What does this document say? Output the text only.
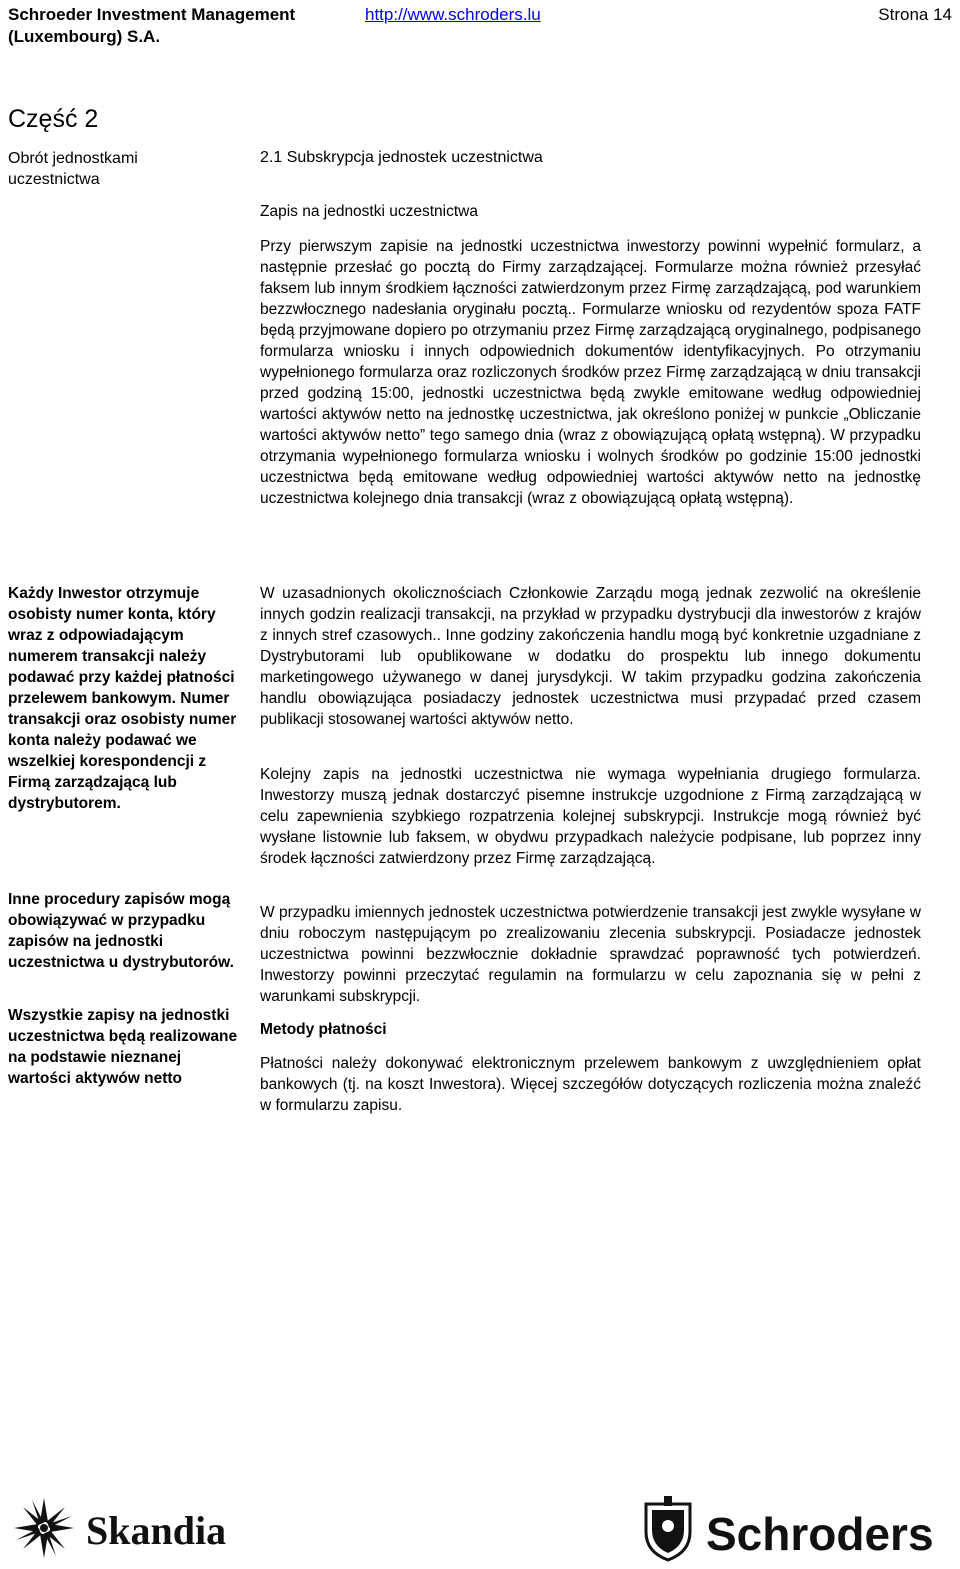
Schroeder Investment Management (Luxembourg) S.A.
http://www.schroders.lu	Strona 14
Część 2
Obrót jednostkami uczestnictwa

Każdy Inwestor otrzymuje osobisty numer konta, który wraz z odpowiadającym numerem transakcji należy podawać przy każdej płatności przelewem bankowym. Numer transakcji oraz osobisty numer konta należy podawać we wszelkiej korespondencji z Firmą zarządzającą lub dystrybutorem.

Inne procedury zapisów mogą obowiązywać w przypadku zapisów na jednostki uczestnictwa u dystrybutorów.

Wszystkie zapisy na jednostki uczestnictwa będą realizowane na podstawie nieznanej wartości aktywów netto

2.1 Subskrypcja jednostek uczestnictwa

Zapis na jednostki uczestnictwa

Przy pierwszym zapisie na jednostki uczestnictwa inwestorzy powinni wypełnić formularz, a następnie przesłać go pocztą do Firmy zarządzającej. Formularze można również przesyłać faksem lub innym środkiem łączności zatwierdzonym przez Firmę zarządzającą, pod warunkiem bezzwłocznego nadesłania oryginału pocztą.. Formularze wniosku od rezydentów spoza FATF będą przyjmowane dopiero po otrzymaniu przez Firmę zarządzającą oryginalnego, podpisanego formularza wniosku i innych odpowiednich dokumentów identyfikacyjnych. Po otrzymaniu wypełnionego formularza oraz rozliczonych środków przez Firmę zarządzającą w dniu transakcji przed godziną 15:00, jednostki uczestnictwa będą zwykle emitowane według odpowiedniej wartości aktywów netto na jednostkę uczestnictwa, jak określono poniżej w punkcie „Obliczanie wartości aktywów netto” tego samego dnia (wraz z obowiązującą opłatą wstępną). W przypadku otrzymania wypełnionego formularza wniosku i wolnych środków po godzinie 15:00 jednostki uczestnictwa będą emitowane według odpowiedniej wartości aktywów netto na jednostkę uczestnictwa kolejnego dnia transakcji (wraz z obowiązującą opłatą wstępną).

W uzasadnionych okolicznościach Członkowie Zarządu mogą jednak zezwolić na określenie innych godzin realizacji transakcji, na przykład w przypadku dystrybucji dla inwestorów z krajów z innych stref czasowych.. Inne godziny zakończenia handlu mogą być konkretnie uzgadniane z Dystrybutorami lub opublikowane w dodatku do prospektu lub innego dokumentu marketingowego używanego w danej jurysdykcji. W takim przypadku godzina zakończenia handlu obowiązująca posiadaczy jednostek uczestnictwa musi przypadać przed czasem publikacji stosowanej wartości aktywów netto.

Kolejny zapis na jednostki uczestnictwa nie wymaga wypełniania drugiego formularza. Inwestorzy muszą jednak dostarczyć pisemne instrukcje uzgodnione z Firmą zarządzającą w celu zapewnienia szybkiego rozpatrzenia kolejnej subskrypcji. Instrukcje mogą również być wysłane listownie lub faksem, w obydwu przypadkach należycie podpisane, lub poprzez inny środek łączności zatwierdzony przez Firmę zarządzającą.

W przypadku imiennych jednostek uczestnictwa potwierdzenie transakcji jest zwykle wysyłane w dniu roboczym następującym po zrealizowaniu zlecenia subskrypcji. Posiadacze jednostek uczestnictwa powinni bezzwłocznie dokładnie sprawdzać poprawność tych potwierdzeń. Inwestorzy powinni przeczytać regulamin na formularzu w celu zapoznania się w pełni z warunkami subskrypcji.

Metody płatności

Płatności należy dokonywać elektronicznym przelewem bankowym z uwzględnieniem opłat bankowych (tj. na koszt Inwestora). Więcej szczegółów dotyczących rozliczenia można znaleźć w formularzu zapisu.

Skandia	Schroders
